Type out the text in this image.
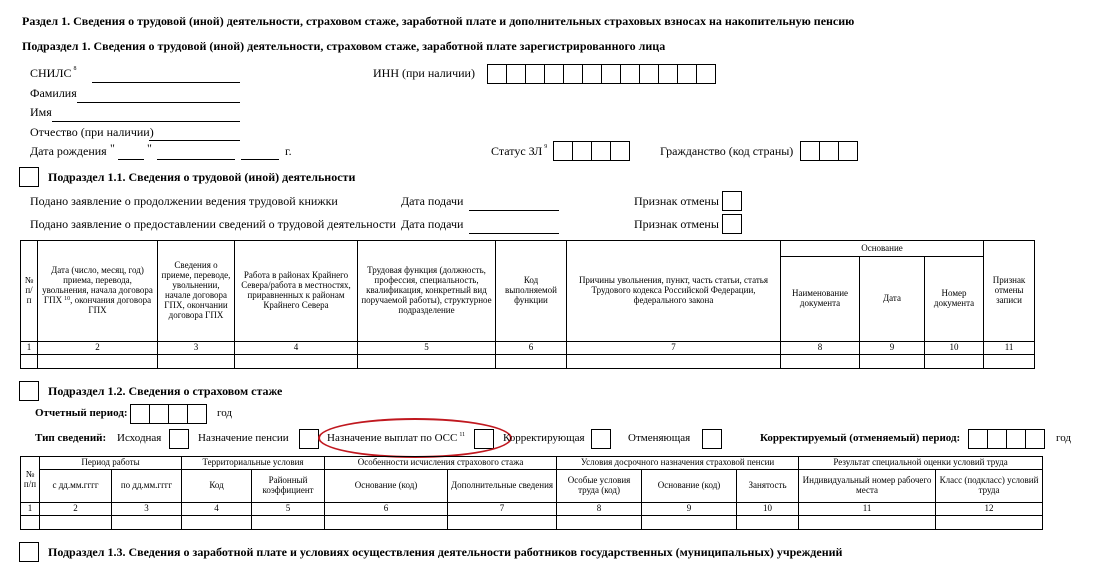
Раздел 1. Сведения о трудовой (иной) деятельности, страховом стаже, заработной плате и дополнительных страховых взносах на накопительную пенсию
Подраздел 1. Сведения о трудовой (иной) деятельности, страховом стаже, заработной плате зарегистрированного лица
СНИЛС $^8$	ИНН (при наличии)
Фамилия
Имя
Отчество (при наличии)
Дата рождения "	"	г.	Статус ЗЛ $^9$	Гражданство (код страны)
Подраздел 1.1. Сведения о трудовой (иной) деятельности
Подано заявление о продолжении ведения трудовой книжки	Дата подачи	Признак отмены
Подано заявление о предоставлении сведений о трудовой деятельности Дата подачи	Признак отмены
№ п/п	Дата (число, месяц, год) приема, перевода, увольнения, начала договора ГПХ $^{10}$, окончания договора ГПХ	Сведения о приеме, переводе, увольнении, начале договора ГПХ, окончании договора ГПХ	Работа в районах Крайнего Севера/работа в местностях, приравненных к районам Крайнего Севера	Трудовая функция (должность, профессия, специальность, квалификация, конкретный вид поручаемой работы), структурное подразделение	Код выполняемой функции	Причины увольнения, пункт, часть статьи, статья Трудового кодекса Российской Федерации, федерального закона	Основание			Признак отмены записи
							Наименование документа	Дата	Номер документа	
1	2	3	4	5	6	7	8	9	10	11

Подраздел 1.2. Сведения о страховом стаже
Отчетный период:	год
Тип сведений: Исходная	Назначение пенсии	Назначение выплат по ОСС $^{11}$	Корректирующая	Отменяющая	Корректируемый (отменяемый) период:	год
№ п/п	Период работы		Территориальные условия		Особенности исчисления страхового стажа		Условия досрочного назначения страховой пенсии			Результат специальной оценки условий труда	
	с дд.мм.гггг	по дд.мм.гггг	Код	Районный коэффициент	Основание (код)	Дополнительные сведения	Особые условия труда (код)	Основание (код)	Занятость	Индивидуальный номер рабочего места	Класс (подкласс) условий труда
1	2	3	4	5	6	7	8	9	10	11	12

Подраздел 1.3. Сведения о заработной плате и условиях осуществления деятельности работников государственных (муниципальных) учреждений
